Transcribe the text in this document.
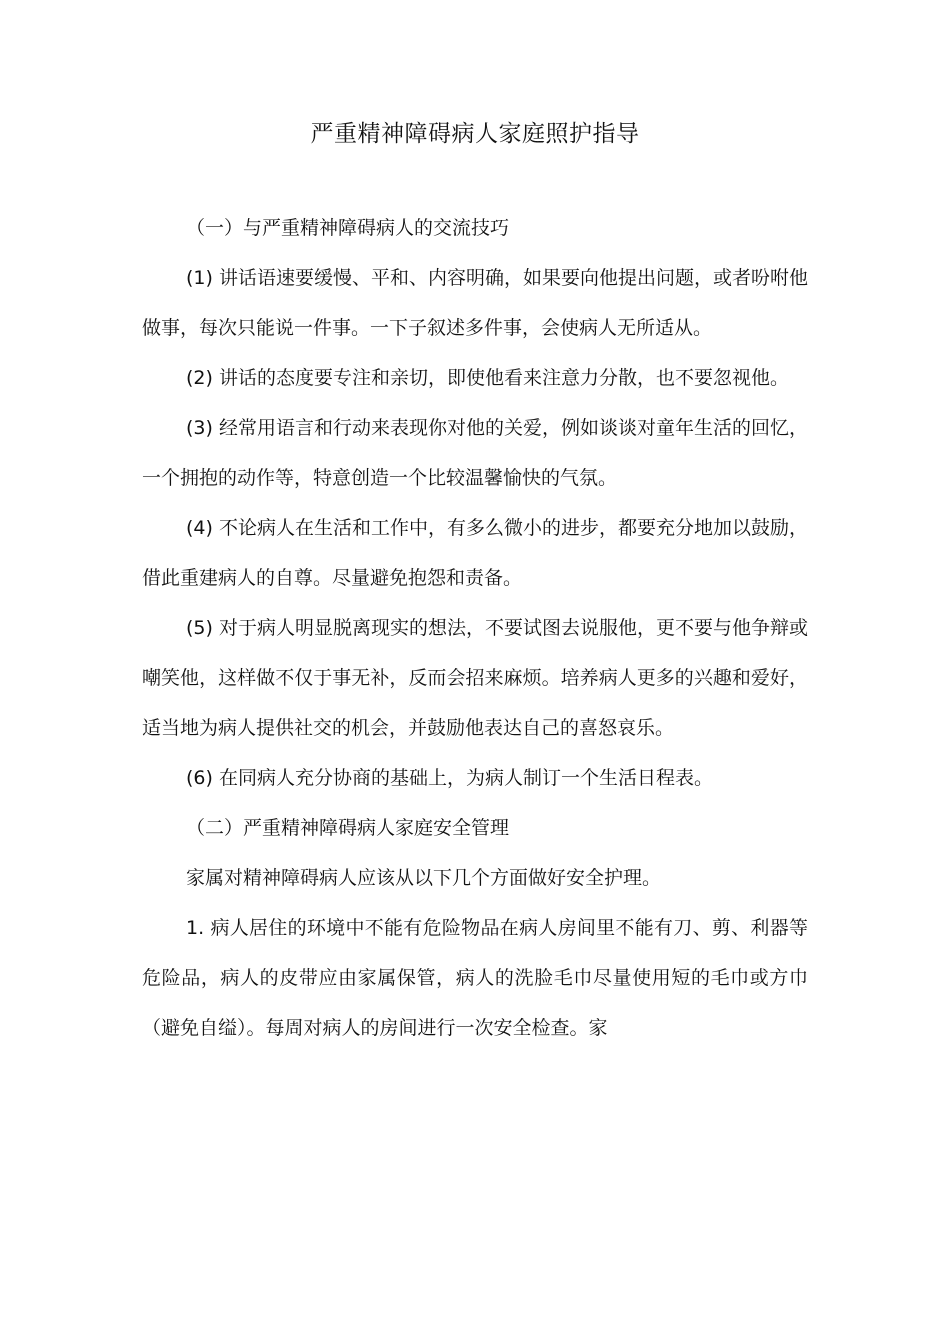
严重精神障碍病人家庭照护指导

（一）与严重精神障碍病人的交流技巧

(1) 讲话语速要缓慢、平和、内容明确，如果要向他提出问题，或者吩咐他做事，每次只能说一件事。一下子叙述多件事，会使病人无所适从。

(2) 讲话的态度要专注和亲切，即使他看来注意力分散，也不要忽视他。

(3) 经常用语言和行动来表现你对他的关爱，例如谈谈对童年生活的回忆，一个拥抱的动作等，特意创造一个比较温馨愉快的气氛。

(4) 不论病人在生活和工作中，有多么微小的进步，都要充分地加以鼓励，借此重建病人的自尊。尽量避免抱怨和责备。

(5) 对于病人明显脱离现实的想法，不要试图去说服他，更不要与他争辩或嘲笑他，这样做不仅于事无补，反而会招来麻烦。培养病人更多的兴趣和爱好，适当地为病人提供社交的机会，并鼓励他表达自己的喜怒哀乐。

(6) 在同病人充分协商的基础上，为病人制订一个生活日程表。

（二）严重精神障碍病人家庭安全管理

家属对精神障碍病人应该从以下几个方面做好安全护理。

1. 病人居住的环境中不能有危险物品在病人房间里不能有刀、剪、利器等危险品，病人的皮带应由家属保管，病人的洗脸毛巾尽量使用短的毛巾或方巾（避免自缢）。每周对病人的房间进行一次安全检查。家
